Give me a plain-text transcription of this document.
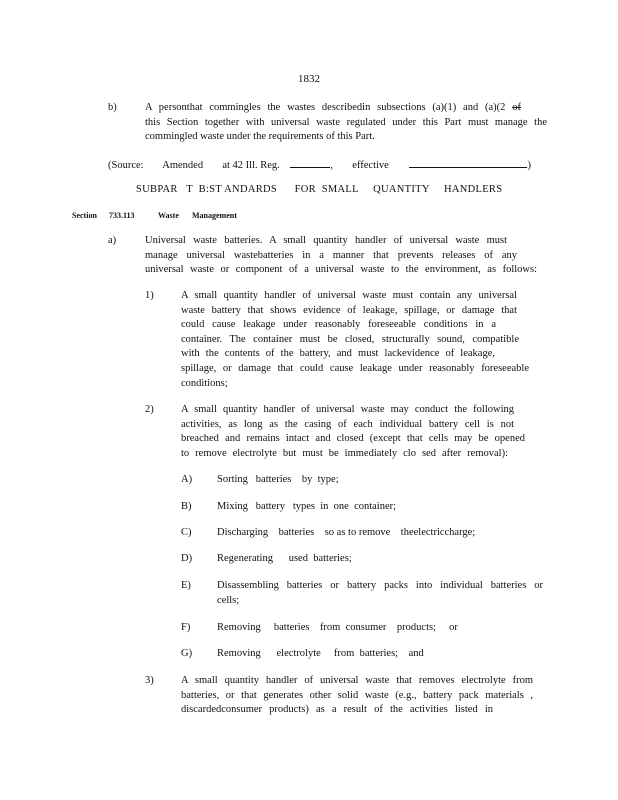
1832
b)	A personthat commingles the wastes describedin subsections (a)(1) and (a)(2 of
this Section together with universal waste regulated under this Part must manage the
commingled waste under the requirements of this Part.
(Source: Amended at 42 Ill. Reg.	, effective	)
SUBPAR   T  B:ST ANDARDS      FOR  SMALL     QUANTITY     HANDLERS
Section 733.113	Waste Management
a)	Universal waste batteries. A small quantity handler of universal waste must
manage universal wastebatteries in a manner that prevents releases of any
universal waste or component of a universal waste to the environment, as follows:
1)	A small quantity handler of universal waste must contain any universal
waste battery that shows evidence of leakage, spillage, or damage that
could cause leakage under reasonably foreseeable conditions in a
container. The container must be closed, structurally sound, compatible
with the contents of the battery, and must lackevidence of leakage,
spillage, or damage that could cause leakage under reasonably foreseeable
conditions;
2)	A small quantity handler of universal waste may conduct the following
activities, as long as the casing of each individual battery cell is not
breached and remains intact and closed (except that cells may be opened
to remove electrolyte but must be immediately clo sed after removal):
A) Sorting   batteries    by  type;
B) Mixing   battery   types  in  one  container;
C) Discharging    batteries    so as to remove    theelectriccharge;
D) Regenerating      used  batteries;
E) Disassembling batteries or battery packs into individual batteries or
cells;
F)	Removing     batteries    from  consumer    products;     or
G) Removing      electrolyte     from  batteries;    and
3)	A small quantity handler of universal waste that removes electrolyte from
batteries, or that generates other solid waste (e.g., battery pack materials ,
discardedconsumer products) as a result of the activities listed in
